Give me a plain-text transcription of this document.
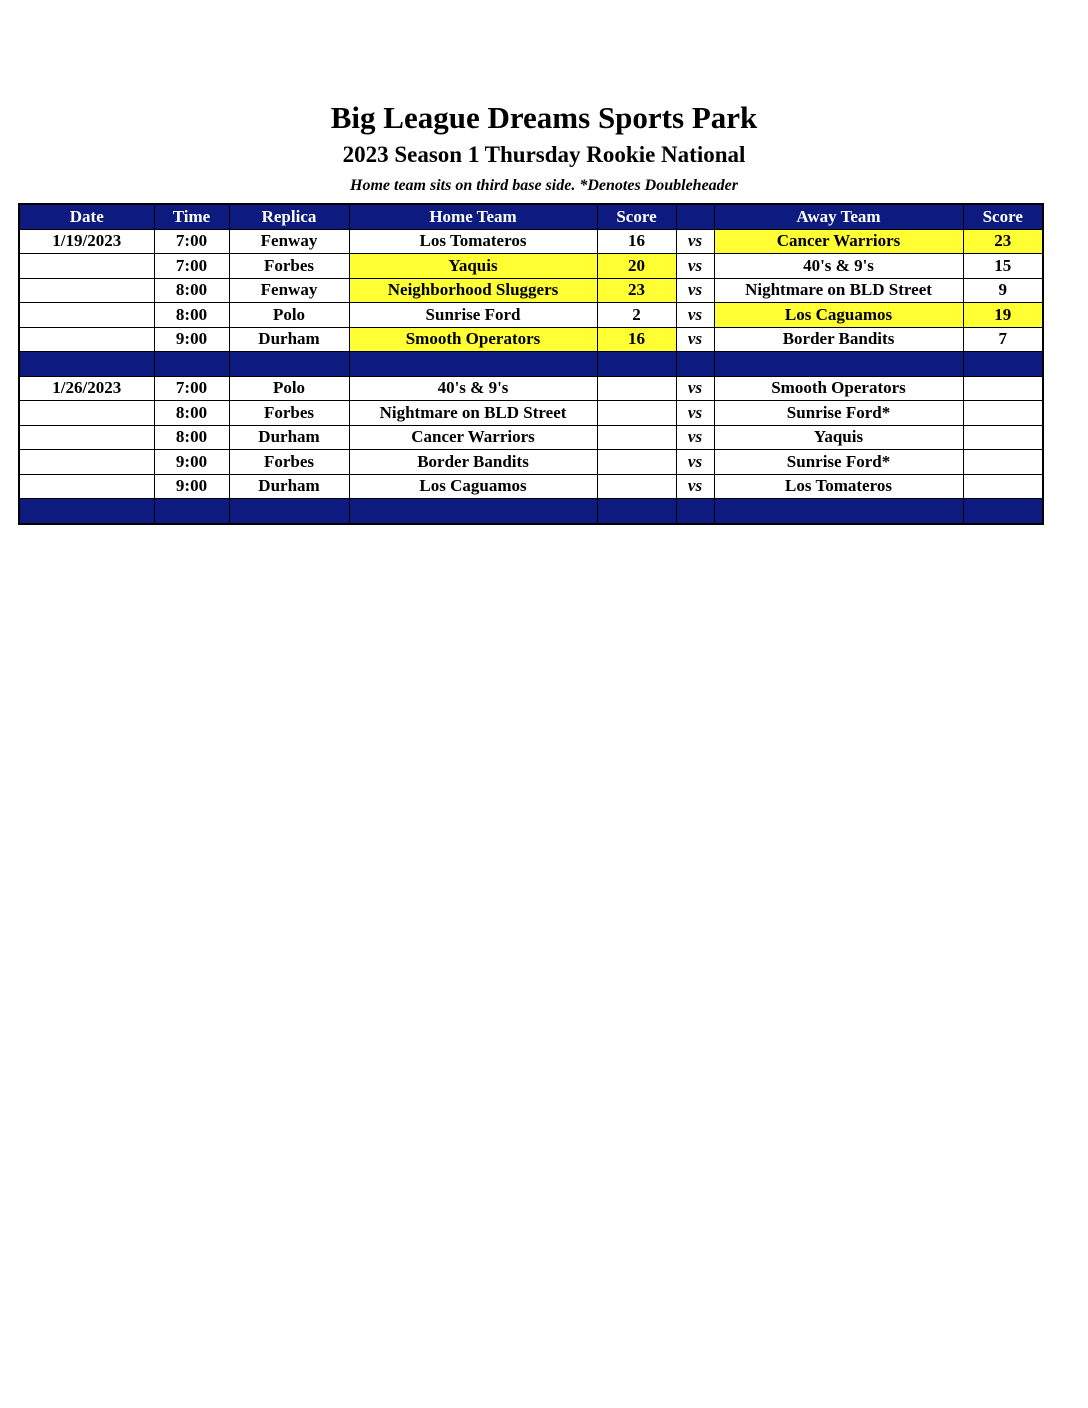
Big League Dreams Sports Park
2023 Season 1 Thursday Rookie National
Home team sits on third base side. *Denotes Doubleheader
Date	Time	Replica	Home Team	Score		Away Team	Score
1/19/2023	7:00	Fenway	Los Tomateros	16	vs	Cancer Warriors	23
	7:00	Forbes	Yaquis	20	vs	40's & 9's	15
	8:00	Fenway	Neighborhood Sluggers	23	vs	Nightmare on BLD Street	9
	8:00	Polo	Sunrise Ford	2	vs	Los Caguamos	19
	9:00	Durham	Smooth Operators	16	vs	Border Bandits	7

1/26/2023	7:00	Polo	40's & 9's		vs	Smooth Operators	
	8:00	Forbes	Nightmare on BLD Street		vs	Sunrise Ford*	
	8:00	Durham	Cancer Warriors		vs	Yaquis	
	9:00	Forbes	Border Bandits		vs	Sunrise Ford*	
	9:00	Durham	Los Caguamos		vs	Los Tomateros	
